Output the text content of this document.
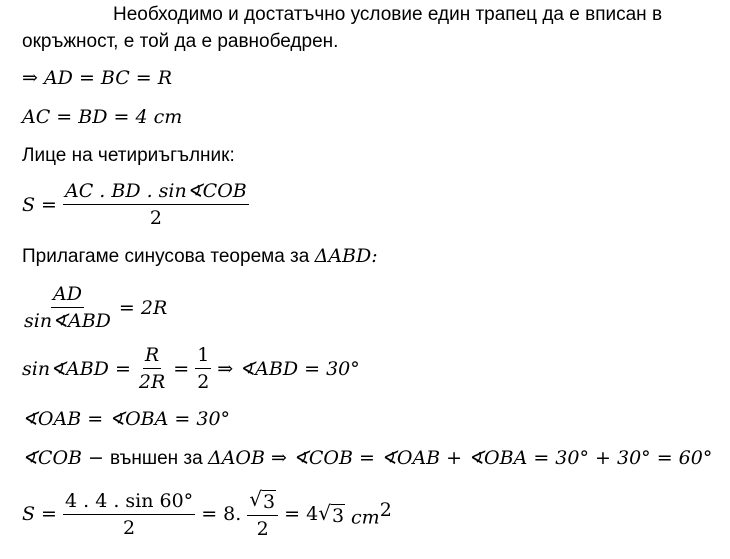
Необходимо и достатъчно условие един трапец да е вписан в
окръжност, е той да е равнобедрен.
⇒ AD = BC = R
AC = BD = 4 cm
Лице на четириъгълник:
$S = \frac{\text{AC . BD . sin∢COB}}{2}$
Прилагаме синусова теорема за ΔABD:
$\frac{AD}{\text{sin∢ABD}} = 2R$
sin∢ABD = $\frac{R}{2R} = \frac{1}{2}$ ⇒ ∢ABD = 30°
∢OAB = ∢OBA = 30°
∢COB − външен за ΔAOB ⇒ ∢COB = ∢OAB + ∢OBA = 30° + 30° = 60°
$S = \frac{4 . 4 . \sin 60^\circ}{2} = 8$. $\frac{√ 3}{2} = 4$ √ 3 $cm^2$
